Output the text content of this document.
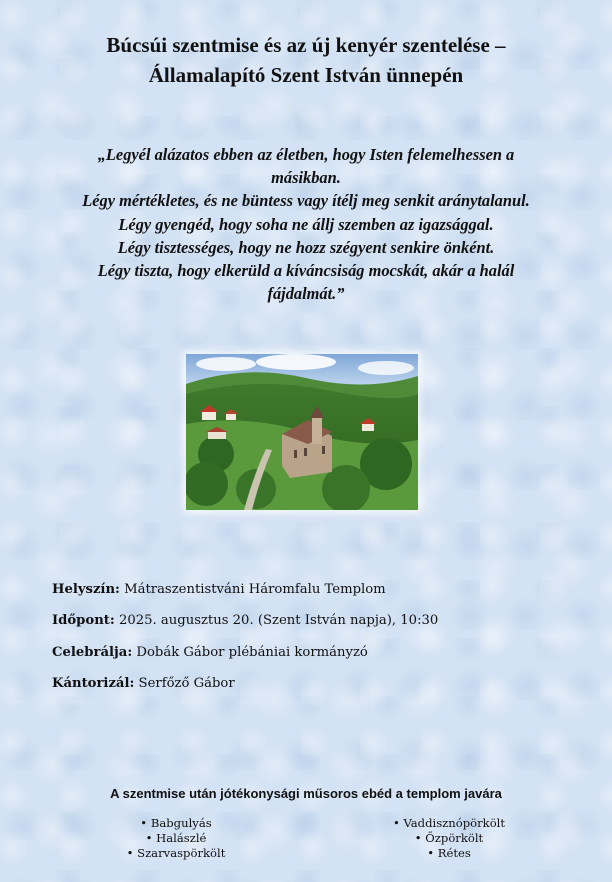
Búcsúi szentmise és az új kenyér szentelése –
Államalapító Szent István ünnepén
„Legyél alázatos ebben az életben, hogy Isten felemelhessen a
másikban.
Légy mértékletes, és ne büntess vagy ítélj meg senkit aránytalanul.
Légy gyengéd, hogy soha ne állj szemben az igazsággal.
Légy tisztességes, hogy ne hozz szégyent senkire önként.
Légy tiszta, hogy elkerüld a kíváncsiság mocskát, akár a halál
fájdalmát.”
Helyszín: Mátraszentistváni Háromfalu Templom
Időpont: 2025. augusztus 20. (Szent István napja), 10:30
Celebrálja: Dobák Gábor plébániai kormányzó
Kántorizál: Serfőző Gábor
A szentmise után jótékonysági műsoros ebéd a templom javára
• Babgulyás
• Halászlé
• Szarvaspörkölt
• Vaddisznópörkölt
• Őzpörkölt
• Rétes
